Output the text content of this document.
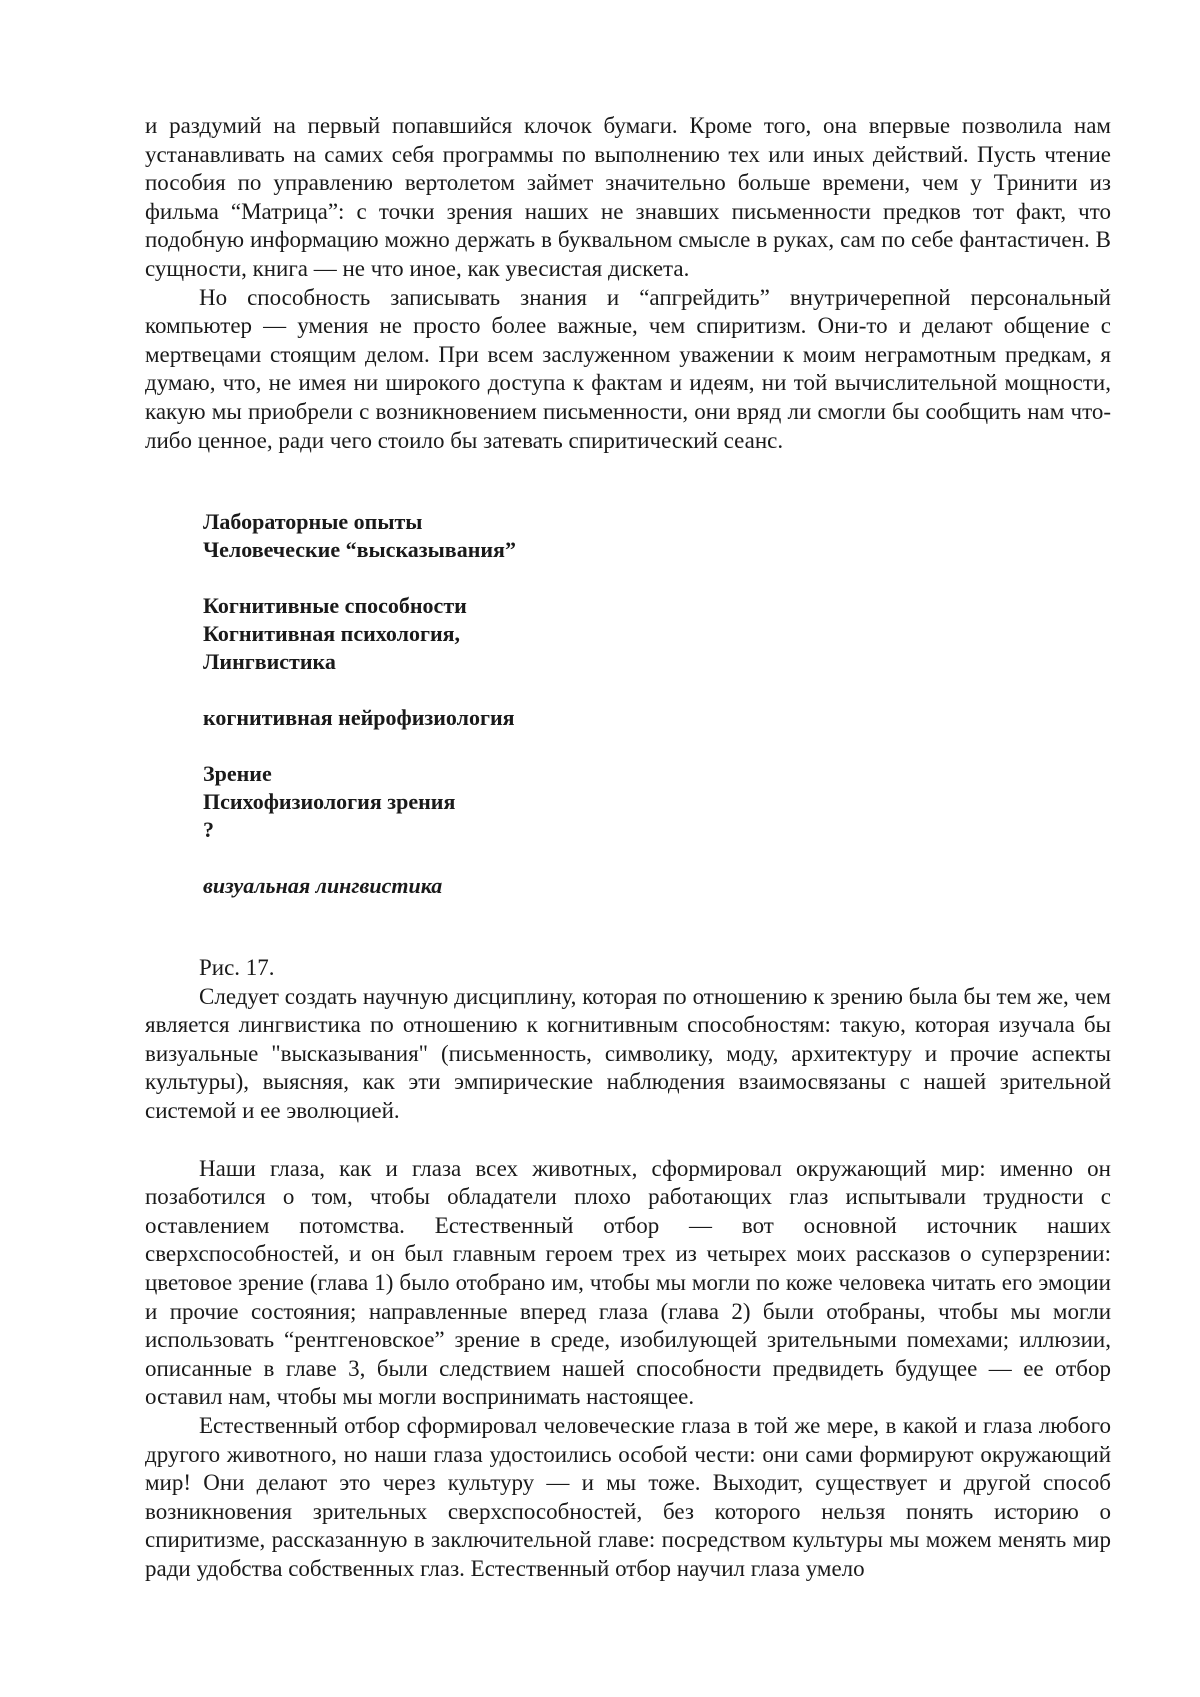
и раздумий на первый попавшийся клочок бумаги. Кроме того, она впервые позволила нам устанавливать на самих себя программы по выполнению тех или иных действий. Пусть чтение пособия по управлению вертолетом займет значительно больше времени, чем у Тринити из фильма “Матрица”: с точки зрения наших не знавших письменности предков тот факт, что подобную информацию можно держать в буквальном смысле в руках, сам по себе фантастичен. В сущности, книга — не что иное, как увесистая дискета.

Но способность записывать знания и “апгрейдить” внутричерепной персональный компьютер — умения не просто более важные, чем спиритизм. Они-то и делают общение с мертвецами стоящим делом. При всем заслуженном уважении к моим неграмотным предкам, я думаю, что, не имея ни широкого доступа к фактам и идеям, ни той вычислительной мощности, какую мы приобрели с возникновением письменности, они вряд ли смогли бы сообщить нам что-либо ценное, ради чего стоило бы затевать спиритический сеанс.

Лабораторные опыты
Человеческие “высказывания”
Когнитивные способности
Когнитивная психология,
Лингвистика
когнитивная нейрофизиология
Зрение
Психофизиология зрения
?
визуальная лингвистика

Рис. 17.

Следует создать научную дисциплину, которая по отношению к зрению была бы тем же, чем является лингвистика по отношению к когнитивным способностям: такую, которая изучала бы визуальные "высказывания" (письменность, символику, моду, архитектуру и прочие аспекты культуры), выясняя, как эти эмпирические наблюдения взаимосвязаны с нашей зрительной системой и ее эволюцией.

Наши глаза, как и глаза всех животных, сформировал окружающий мир: именно он позаботился о том, чтобы обладатели плохо работающих глаз испытывали трудности с оставлением потомства. Естественный отбор — вот основной источник наших сверхспособностей, и он был главным героем трех из четырех моих рассказов о суперзрении: цветовое зрение (глава 1) было отобрано им, чтобы мы могли по коже человека читать его эмоции и прочие состояния; направленные вперед глаза (глава 2) были отобраны, чтобы мы могли использовать “рентгеновское” зрение в среде, изобилующей зрительными помехами; иллюзии, описанные в главе 3, были следствием нашей способности предвидеть будущее — ее отбор оставил нам, чтобы мы могли воспринимать настоящее.

Естественный отбор сформировал человеческие глаза в той же мере, в какой и глаза любого другого животного, но наши глаза удостоились особой чести: они сами формируют окружающий мир! Они делают это через культуру — и мы тоже. Выходит, существует и другой способ возникновения зрительных сверхспособностей, без которого нельзя понять историю о спиритизме, рассказанную в заключительной главе: посредством культуры мы можем менять мир ради удобства собственных глаз. Естественный отбор научил глаза умело
